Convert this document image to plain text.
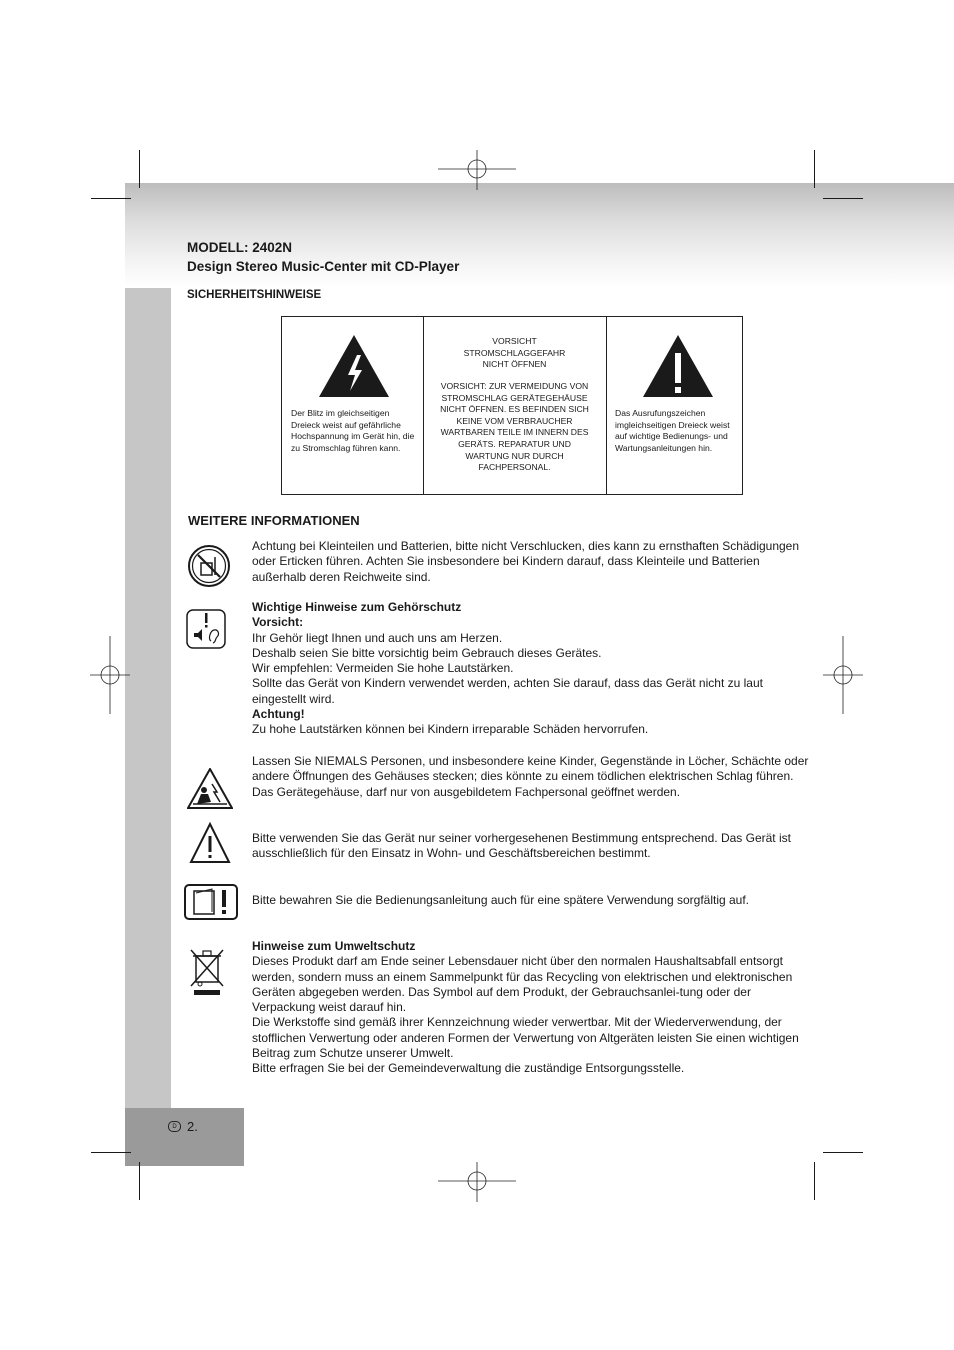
MODELL: 2402N
Design Stereo Music-Center mit CD-Player
SICHERHEITSHINWEISE
Der Blitz im gleichseitigen Dreieck weist auf gefährliche Hochspannung im Gerät hin, die zu Stromschlag führen kann.
VORSICHT
STROMSCHLAGGEFAHR
NICHT ÖFFNEN
VORSICHT: ZUR VERMEIDUNG VON
STROMSCHLAG GERÄTEGEHÄUSE
NICHT ÖFFNEN. ES BEFINDEN SICH
KEINE VOM VERBRAUCHER
WARTBAREN TEILE IM INNERN DES
GERÄTS. REPARATUR UND
WARTUNG NUR DURCH
FACHPERSONAL.
Das Ausrufungszeichen imgleichseitigen Dreieck weist auf wichtige Bedienungs- und Wartungsanleitungen hin.
WEITERE INFORMATIONEN
Achtung bei Kleinteilen und Batterien, bitte nicht Verschlucken, dies kann zu ernsthaften Schädigungen oder Erticken führen. Achten Sie insbesondere bei Kindern darauf, dass Kleinteile und Batterien außerhalb deren Reichweite sind.

Wichtige Hinweise zum Gehörschutz

Vorsicht:

Ihr Gehör liegt Ihnen und auch uns am Herzen.

Deshalb seien Sie bitte vorsichtig beim Gebrauch dieses Gerätes.

Wir empfehlen: Vermeiden Sie hohe Lautstärken.

Sollte das Gerät von Kindern verwendet werden, achten Sie darauf, dass das Gerät nicht zu laut eingestellt wird.

Achtung!

Zu hohe Lautstärken können bei Kindern irreparable Schäden hervorrufen.

Lassen Sie NIEMALS Personen, und insbesondere keine Kinder, Gegenstände in Löcher, Schächte oder andere Öffnungen des Gehäuses stecken; dies könnte zu einem tödlichen elektrischen Schlag führen. Das Gerätegehäuse, darf nur von ausgebildetem Fachpersonal geöffnet werden.
Bitte verwenden Sie das Gerät nur seiner vorhergesehenen Bestimmung entsprechend. Das Gerät ist ausschließlich für den Einsatz in Wohn- und Geschäftsbereichen bestimmt.
Bitte bewahren Sie die Bedienungsanleitung auch für eine spätere Verwendung sorgfältig auf.

Hinweise zum Umweltschutz

Dieses Produkt darf am Ende seiner Lebensdauer nicht über den normalen Haushaltsabfall entsorgt werden, sondern muss an einem Sammelpunkt für das Recycling von elektrischen und elektronischen Geräten abgegeben werden. Das Symbol auf dem Produkt, der Gebrauchsanlei-tung oder der Verpackung weist darauf hin.

Die Werkstoffe sind gemäß ihrer Kennzeichnung wieder verwertbar. Mit der Wiederverwendung, der stofflichen Verwertung oder anderen Formen der Verwertung von Altgeräten leisten Sie einen wichtigen Beitrag zum Schutze unserer Umwelt.

Bitte erfragen Sie bei der Gemeindeverwaltung die zuständige Entsorgungsstelle.

D 2.
